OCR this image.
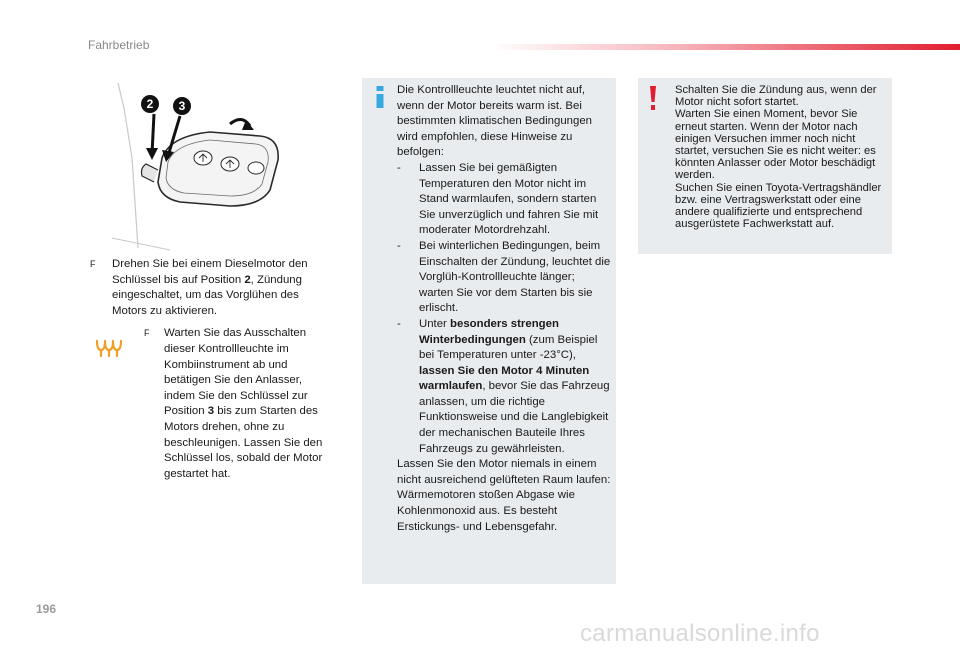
Fahrbetrieb
2 3
F Drehen Sie bei einem Dieselmotor den Schlüssel bis auf Position 2, Zündung eingeschaltet, um das Vorglühen des Motors zu aktivieren.
F Warten Sie das Ausschalten dieser Kontrollleuchte im Kombiinstrument ab und betätigen Sie den Anlasser, indem Sie den Schlüssel zur Position 3 bis zum Starten des Motors drehen, ohne zu beschleunigen. Lassen Sie den Schlüssel los, sobald der Motor gestartet hat.

Die Kontrollleuchte leuchtet nicht auf, wenn der Motor bereits warm ist. Bei bestimmten klimatischen Bedingungen wird empfohlen, diese Hinweise zu befolgen:

- Lassen Sie bei gemäßigten Temperaturen den Motor nicht im Stand warmlaufen, sondern starten Sie unverzüglich und fahren Sie mit moderater Motordrehzahl.
- Bei winterlichen Bedingungen, beim Einschalten der Zündung, leuchtet die Vorglüh-Kontrollleuchte länger; warten Sie vor dem Starten bis sie erlischt.
- Unter besonders strengen Winterbedingungen (zum Beispiel bei Temperaturen unter -23°C), lassen Sie den Motor 4 Minuten warmlaufen, bevor Sie das Fahrzeug anlassen, um die richtige Funktionsweise und die Langlebigkeit der mechanischen Bauteile Ihres Fahrzeugs zu gewährleisten.

Lassen Sie den Motor niemals in einem nicht ausreichend gelüfteten Raum laufen: Wärmemotoren stoßen Abgase wie Kohlenmonoxid aus. Es besteht Erstickungs- und Lebensgefahr.

Schalten Sie die Zündung aus, wenn der Motor nicht sofort startet.

Warten Sie einen Moment, bevor Sie erneut starten. Wenn der Motor nach einigen Versuchen immer noch nicht startet, versuchen Sie es nicht weiter: es könnten Anlasser oder Motor beschädigt werden.

Suchen Sie einen Toyota-Vertragshändler bzw. eine Vertragswerkstatt oder eine andere qualifizierte und entsprechend ausgerüstete Fachwerkstatt auf.

196
carmanualsonline.info
